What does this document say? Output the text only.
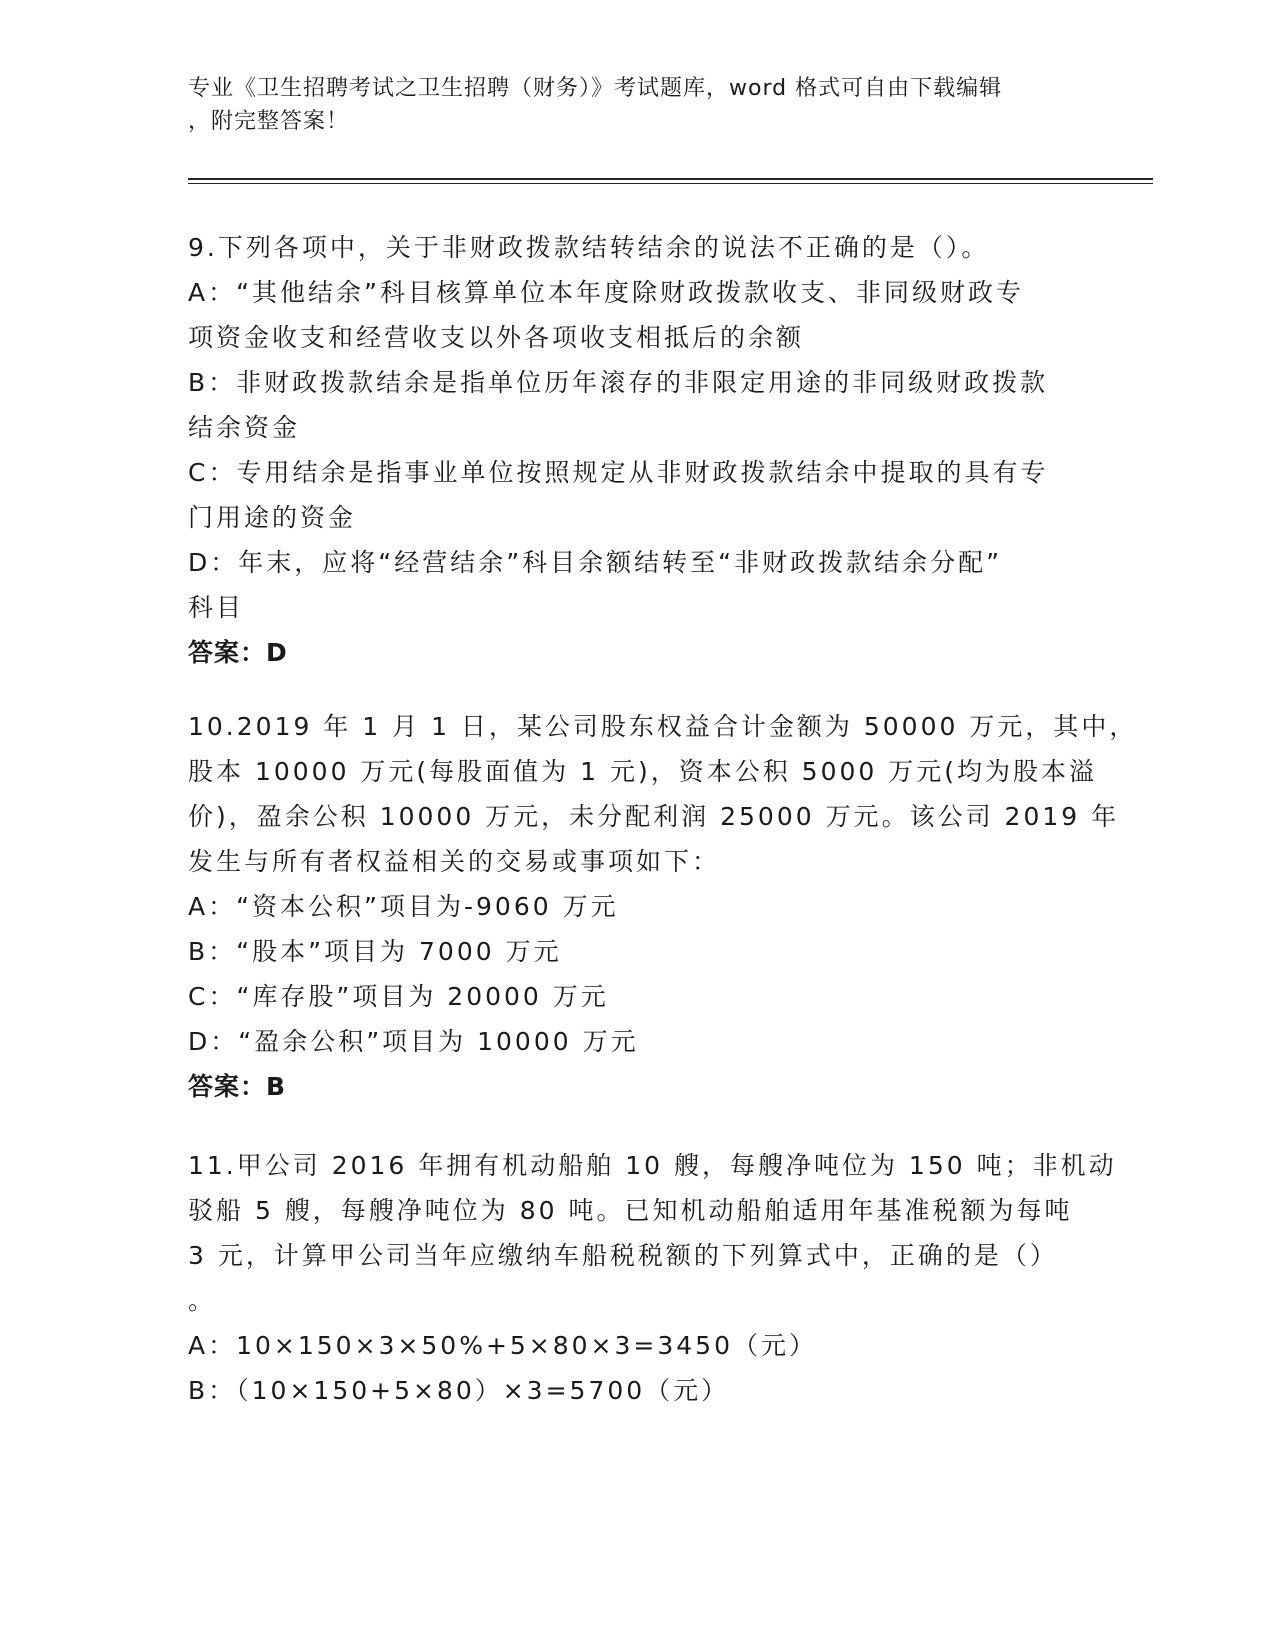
专业《卫生招聘考试之卫生招聘（财务）》考试题库，word 格式可自由下载编辑
，附完整答案！
9.下列各项中，关于非财政拨款结转结余的说法不正确的是（）。
A：“其他结余”科目核算单位本年度除财政拨款收支、非同级财政专
项资金收支和经营收支以外各项收支相抵后的余额
B：非财政拨款结余是指单位历年滚存的非限定用途的非同级财政拨款
结余资金
C：专用结余是指事业单位按照规定从非财政拨款结余中提取的具有专
门用途的资金
D：年末，应将“经营结余”科目余额结转至“非财政拨款结余分配”
科目
答案：D
10.2019 年 1 月 1 日，某公司股东权益合计金额为 50000 万元，其中，
股本 10000 万元(每股面值为 1 元)，资本公积 5000 万元(均为股本溢
价)，盈余公积 10000 万元，未分配利润 25000 万元。该公司 2019 年
发生与所有者权益相关的交易或事项如下：
A：“资本公积”项目为-9060 万元
B：“股本”项目为 7000 万元
C：“库存股”项目为 20000 万元
D：“盈余公积”项目为 10000 万元
答案：B
11.甲公司 2016 年拥有机动船舶 10 艘，每艘净吨位为 150 吨；非机动
驳船 5 艘，每艘净吨位为 80 吨。已知机动船舶适用年基准税额为每吨
3 元，计算甲公司当年应缴纳车船税税额的下列算式中，正确的是（）
。
A：10×150×3×50%+5×80×3=3450（元）
B：（10×150+5×80）×3=5700（元）
